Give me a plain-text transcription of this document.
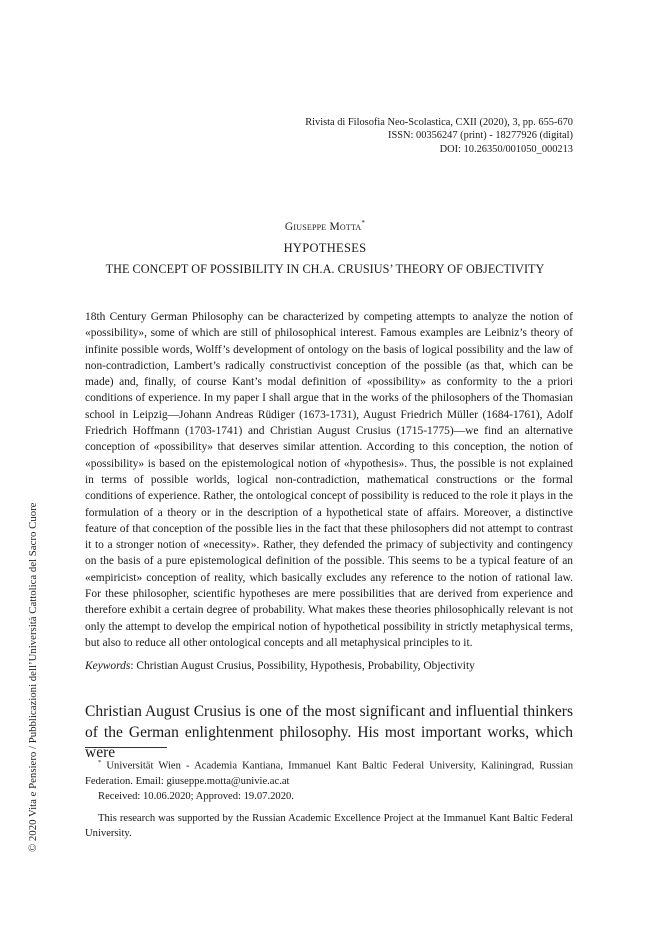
Rivista di Filosofia Neo-Scolastica, CXII (2020), 3, pp. 655-670
ISSN: 00356247 (print) - 18277926 (digital)
DOI: 10.26350/001050_000213
Giuseppe Motta*
HYPOTHESES
THE CONCEPT OF POSSIBILITY IN CH.A. CRUSIUS’ THEORY OF OBJECTIVITY

18th Century German Philosophy can be characterized by competing attempts to analyze the notion of «possibility», some of which are still of philosophical interest. Famous examples are Leibniz’s theory of infinite possible words, Wolff’s development of ontology on the basis of logical possibility and the law of non-contradiction, Lambert’s radically constructivist conception of the possible (as that, which can be made) and, finally, of course Kant’s modal definition of «possibility» as conformity to the a priori conditions of experience. In my paper I shall argue that in the works of the philosophers of the Thomasian school in Leipzig—Johann Andreas Rüdiger (1673-1731), August Friedrich Müller (1684-1761), Adolf Friedrich Hoffmann (1703-1741) and Christian August Crusius (1715-1775)—we find an alternative conception of «possibility» that deserves similar attention. According to this conception, the notion of «possibility» is based on the epistemological notion of «hypothesis». Thus, the possible is not explained in terms of possible worlds, logical non-contradiction, mathematical constructions or the formal conditions of experience. Rather, the ontological concept of possibility is reduced to the role it plays in the formulation of a theory or in the description of a hypothetical state of affairs. Moreover, a distinctive feature of that conception of the possible lies in the fact that these philosophers did not attempt to contrast it to a stronger notion of «necessity». Rather, they defended the primacy of subjectivity and contingency on the basis of a pure epistemological definition of the possible. This seems to be a typical feature of an «empiricist» conception of reality, which basically excludes any reference to the notion of rational law. For these philosopher, scientific hypotheses are mere possibilities that are derived from experience and therefore exhibit a certain degree of probability. What makes these theories philosophically relevant is not only the attempt to develop the empirical notion of hypothetical possibility in strictly metaphysical terms, but also to reduce all other ontological concepts and all metaphysical principles to it.

Keywords: Christian August Crusius, Possibility, Hypothesis, Probability, Objectivity

Christian August Crusius is one of the most significant and influential thinkers of the German enlightenment philosophy. His most important works, which were

* Universität Wien - Academia Kantiana, Immanuel Kant Baltic Federal University, Kaliningrad, Russian Federation. Email: giuseppe.motta@univie.ac.at

Received: 10.06.2020; Approved: 19.07.2020.

This research was supported by the Russian Academic Excellence Project at the Immanuel Kant Baltic Federal University.

© 2020 Vita e Pensiero / Pubblicazioni dell’Università Cattolica del Sacro Cuore
